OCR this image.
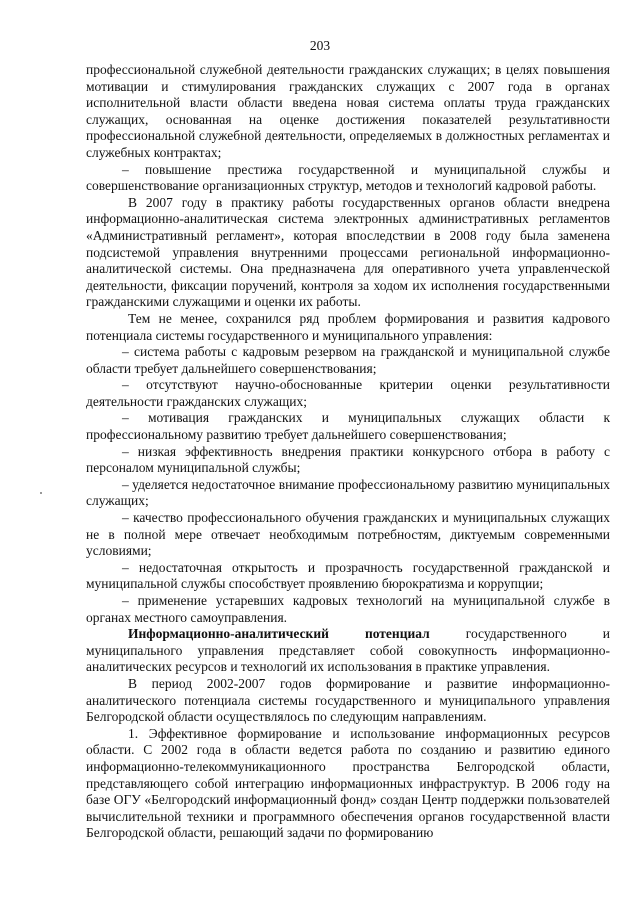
203

профессиональной служебной деятельности гражданских служащих; в целях повышения мотивации и стимулирования гражданских служащих с 2007 года в органах исполнительной власти области введена новая система оплаты труда гражданских служащих, основанная на оценке достижения показателей результативности профессиональной служебной деятельности, определяемых в должностных регламентах и служебных контрактах;

– повышение престижа государственной и муниципальной службы и совершенствование организационных структур, методов и технологий кадровой работы.

В 2007 году в практику работы государственных органов области внедрена информационно-аналитическая система электронных административных регламентов «Административный регламент», которая впоследствии в 2008 году была заменена подсистемой управления внутренними процессами региональной информационно-аналитической системы. Она предназначена для оперативного учета управленческой деятельности, фиксации поручений, контроля за ходом их исполнения государственными гражданскими служащими и оценки их работы.

Тем не менее, сохранился ряд проблем формирования и развития кадрового потенциала системы государственного и муниципального управления:

– система работы с кадровым резервом на гражданской и муниципальной службе области требует дальнейшего совершенствования;

– отсутствуют научно-обоснованные критерии оценки результативности деятельности гражданских служащих;

– мотивация гражданских и муниципальных служащих области к профессиональному развитию требует дальнейшего совершенствования;

– низкая эффективность внедрения практики конкурсного отбора в работу с персоналом муниципальной службы;

– уделяется недостаточное внимание профессиональному развитию муниципальных служащих;

– качество профессионального обучения гражданских и муниципальных служащих не в полной мере отвечает необходимым потребностям, диктуемым современными условиями;

– недостаточная открытость и прозрачность государственной гражданской и муниципальной службы способствует проявлению бюрократизма и коррупции;

– применение устаревших кадровых технологий на муниципальной службе в органах местного самоуправления.

Информационно-аналитический потенциал государственного и муниципального управления представляет собой совокупность информационно-аналитических ресурсов и технологий их использования в практике управления.

В период 2002-2007 годов формирование и развитие информационно-аналитического потенциала системы государственного и муниципального управления Белгородской области осуществлялось по следующим направлениям.

1. Эффективное формирование и использование информационных ресурсов области. С 2002 года в области ведется работа по созданию и развитию единого информационно-телекоммуникационного пространства Белгородской области, представляющего собой интеграцию информационных инфраструктур. В 2006 году на базе ОГУ «Белгородский информационный фонд» создан Центр поддержки пользователей вычислительной техники и программного обеспечения органов государственной власти Белгородской области, решающий задачи по формированию
